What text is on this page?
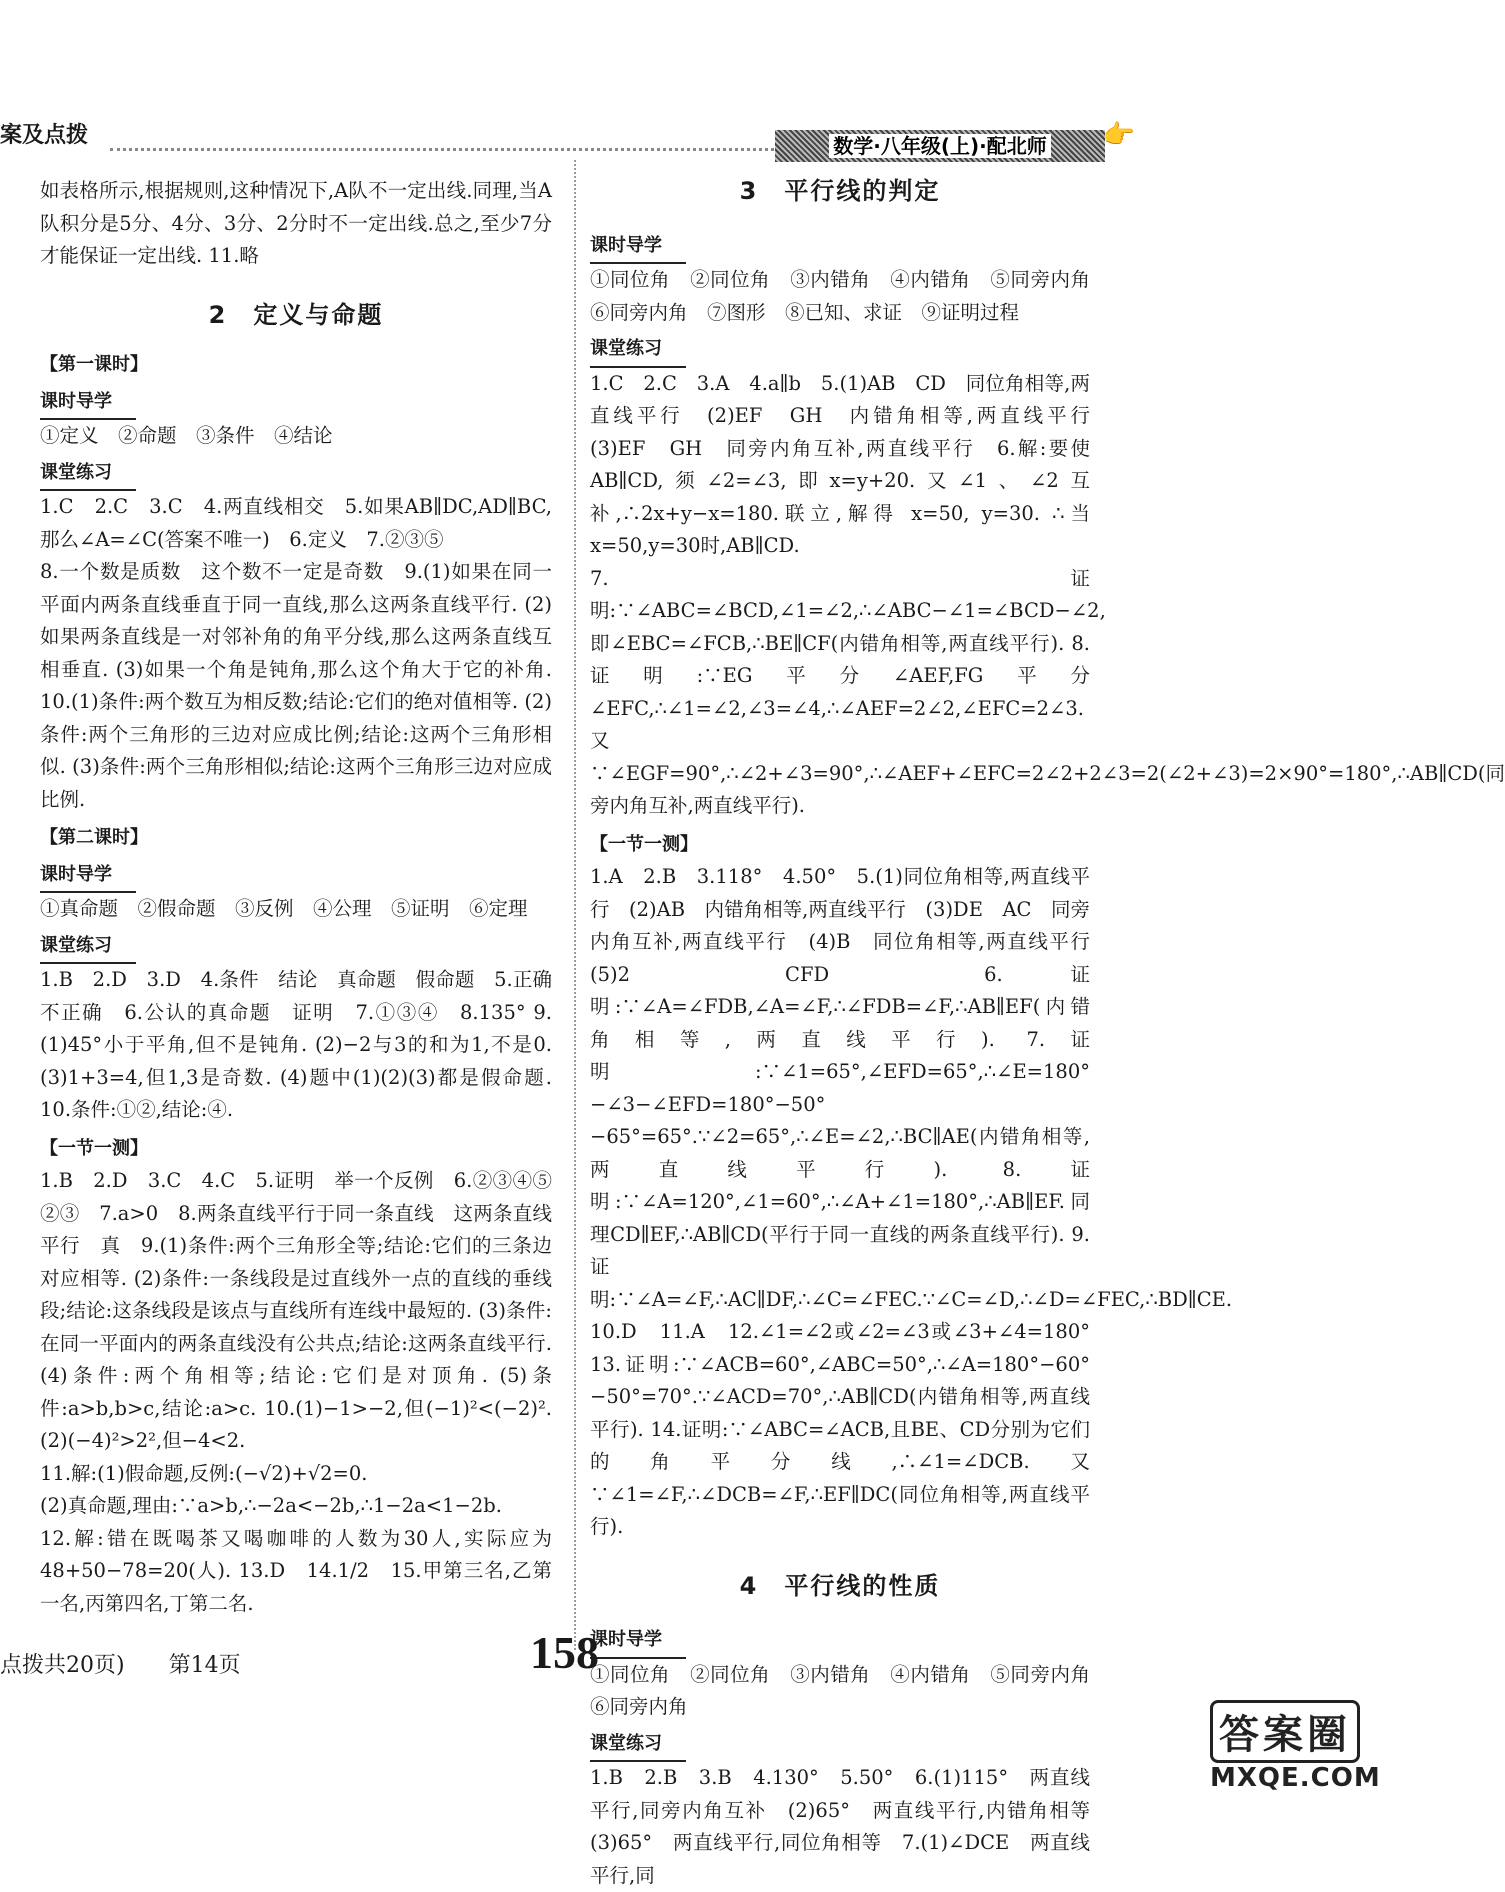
案及点拨	数学·八年级(上)·配北师	👉

如表格所示,根据规则,这种情况下,A队不一定出线.同理,当A队积分是5分、4分、3分、2分时不一定出线.总之,至少7分才能保证一定出线. 11.略

2　定义与命题
【第一课时】
课时导学

①定义　②命题　③条件　④结论

课堂练习

1.C　2.C　3.C　4.两直线相交　5.如果AB∥DC,AD∥BC,那么∠A=∠C(答案不唯一)　6.定义　7.②③⑤

8.一个数是质数　这个数不一定是奇数　9.(1)如果在同一平面内两条直线垂直于同一直线,那么这两条直线平行. (2)如果两条直线是一对邻补角的角平分线,那么这两条直线互相垂直. (3)如果一个角是钝角,那么这个角大于它的补角. 10.(1)条件:两个数互为相反数;结论:它们的绝对值相等. (2)条件:两个三角形的三边对应成比例;结论:这两个三角形相似. (3)条件:两个三角形相似;结论:这两个三角形三边对应成比例.

【第二课时】
课时导学

①真命题　②假命题　③反例　④公理　⑤证明　⑥定理

课堂练习

1.B　2.D　3.D　4.条件　结论　真命题　假命题　5.正确　不正确　6.公认的真命题　证明　7.①③④　8.135° 9.(1)45°小于平角,但不是钝角. (2)−2与3的和为1,不是0. (3)1+3=4,但1,3是奇数. (4)题中(1)(2)(3)都是假命题. 10.条件:①②,结论:④.

【一节一测】

1.B　2.D　3.C　4.C　5.证明　举一个反例　6.②③④⑤　②③　7.a>0　8.两条直线平行于同一条直线　这两条直线平行　真　9.(1)条件:两个三角形全等;结论:它们的三条边对应相等. (2)条件:一条线段是过直线外一点的直线的垂线段;结论:这条线段是该点与直线所有连线中最短的. (3)条件:在同一平面内的两条直线没有公共点;结论:这两条直线平行. (4)条件:两个角相等;结论:它们是对顶角. (5)条件:a>b,b>c,结论:a>c. 10.(1)−1>−2,但(−1)²<(−2)². (2)(−4)²>2²,但−4<2.

11.解:(1)假命题,反例:(−√2)+√2=0.

(2)真命题,理由:∵a>b,∴−2a<−2b,∴1−2a<1−2b.

12.解:错在既喝茶又喝咖啡的人数为30人,实际应为48+50−78=20(人). 13.D　14.1/2　15.甲第三名,乙第一名,丙第四名,丁第二名.

3　平行线的判定
课时导学

①同位角　②同位角　③内错角　④内错角　⑤同旁内角　⑥同旁内角　⑦图形　⑧已知、求证　⑨证明过程

课堂练习

1.C　2.C　3.A　4.a∥b　5.(1)AB　CD　同位角相等,两直线平行　(2)EF　GH　内错角相等,两直线平行　(3)EF　GH　同旁内角互补,两直线平行　6.解:要使AB∥CD,须∠2=∠3,即x=y+20.又∠1、∠2互补,∴2x+y−x=180.联立,解得 x=50, y=30. ∴当x=50,y=30时,AB∥CD.

7.证明:∵∠ABC=∠BCD,∠1=∠2,∴∠ABC−∠1=∠BCD−∠2,即∠EBC=∠FCB,∴BE∥CF(内错角相等,两直线平行). 8.证明:∵EG平分∠AEF,FG平分∠EFC,∴∠1=∠2,∠3=∠4,∴∠AEF=2∠2,∠EFC=2∠3.又∵∠EGF=90°,∴∠2+∠3=90°,∴∠AEF+∠EFC=2∠2+2∠3=2(∠2+∠3)=2×90°=180°,∴AB∥CD(同旁内角互补,两直线平行).

【一节一测】

1.A　2.B　3.118°　4.50°　5.(1)同位角相等,两直线平行　(2)AB　内错角相等,两直线平行　(3)DE　AC　同旁内角互补,两直线平行　(4)B　同位角相等,两直线平行　(5)2　CFD　6.证明:∵∠A=∠FDB,∠A=∠F,∴∠FDB=∠F,∴AB∥EF(内错角相等,两直线平行). 7.证明:∵∠1=65°,∠EFD=65°,∴∠E=180°−∠3−∠EFD=180°−50°−65°=65°.∵∠2=65°,∴∠E=∠2,∴BC∥AE(内错角相等,两直线平行). 8.证明:∵∠A=120°,∠1=60°,∴∠A+∠1=180°,∴AB∥EF.同理CD∥EF,∴AB∥CD(平行于同一直线的两条直线平行). 9.证明:∵∠A=∠F,∴AC∥DF,∴∠C=∠FEC.∵∠C=∠D,∴∠D=∠FEC,∴BD∥CE. 10.D　11.A　12.∠1=∠2或∠2=∠3或∠3+∠4=180°　13.证明:∵∠ACB=60°,∠ABC=50°,∴∠A=180°−60°−50°=70°.∵∠ACD=70°,∴AB∥CD(内错角相等,两直线平行). 14.证明:∵∠ABC=∠ACB,且BE、CD分别为它们的角平分线,∴∠1=∠DCB.又∵∠1=∠F,∴∠DCB=∠F,∴EF∥DC(同位角相等,两直线平行).

4　平行线的性质
课时导学

①同位角　②同位角　③内错角　④内错角　⑤同旁内角　⑥同旁内角

课堂练习

1.B　2.B　3.B　4.130°　5.50°　6.(1)115°　两直线平行,同旁内角互补　(2)65°　两直线平行,内错角相等　(3)65°　两直线平行,同位角相等　7.(1)∠DCE　两直线平行,同

点拨共20页)　　第14页	158
答案圈
MXQE.COM
